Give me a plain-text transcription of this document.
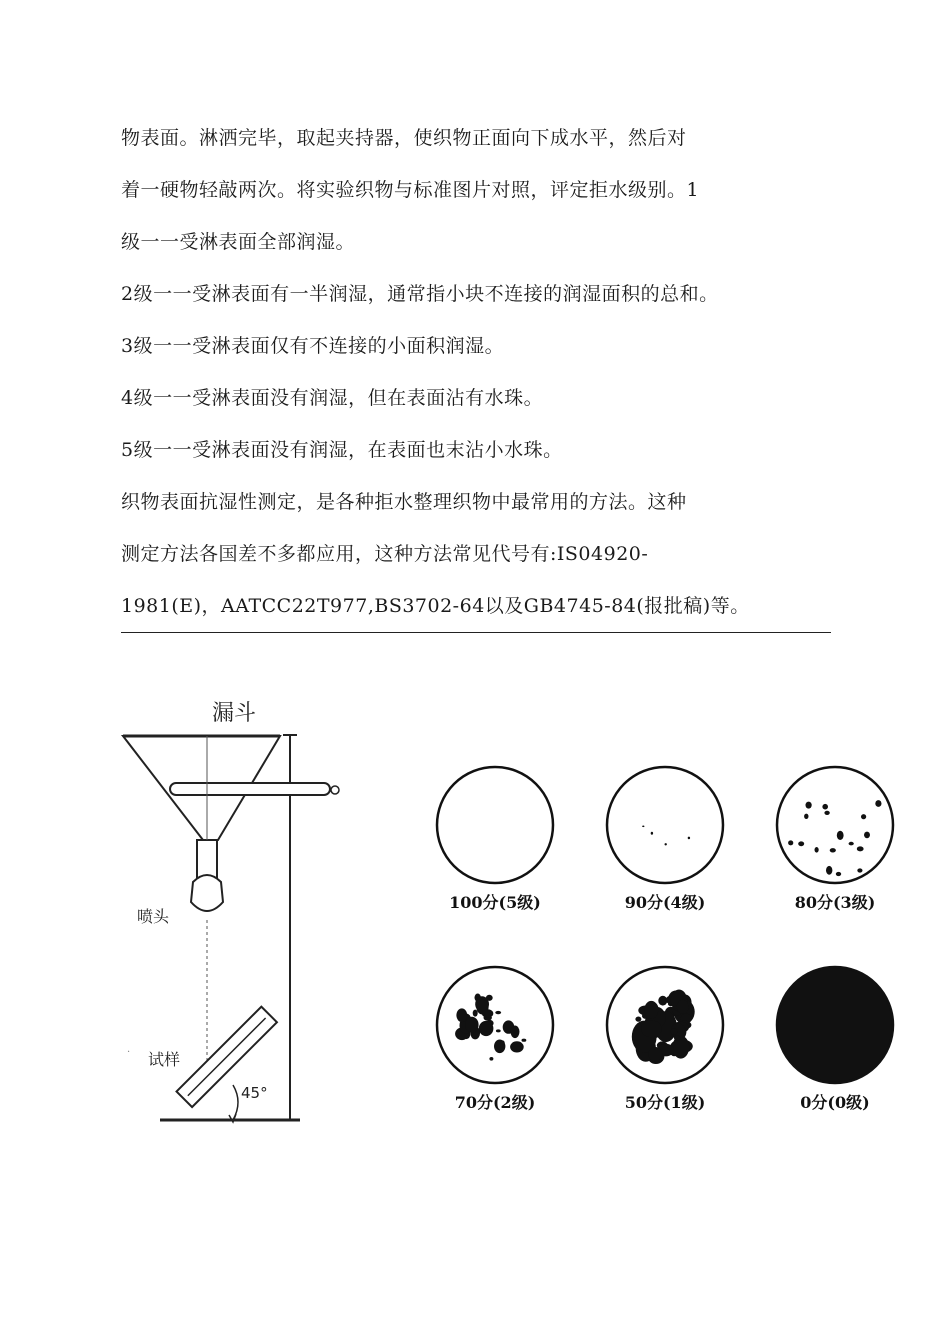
物表面。淋洒完毕，取起夹持器，使织物正面向下成水平，然后对
着一硬物轻敲两次。将实验织物与标准图片对照，评定拒水级别。1
级一一受淋表面全部润湿。
2级一一受淋表面有一半润湿，通常指小块不连接的润湿面积的总和。
3级一一受淋表面仅有不连接的小面积润湿。
4级一一受淋表面没有润湿，但在表面沾有水珠。
5级一一受淋表面没有润湿，在表面也末沾小水珠。
织物表面抗湿性测定，是各种拒水整理织物中最常用的方法。这种
测定方法各国差不多都应用，这种方法常见代号有:IS04920-
1981(E)，AATCC22T977,BS3702-64以及GB4745-84(报批稿)等。
漏斗
喷头
试样
45°
·
100分(5级)	90分(4级)	80分(3级)
70分(2级)	50分(1级)	0分(0级)
